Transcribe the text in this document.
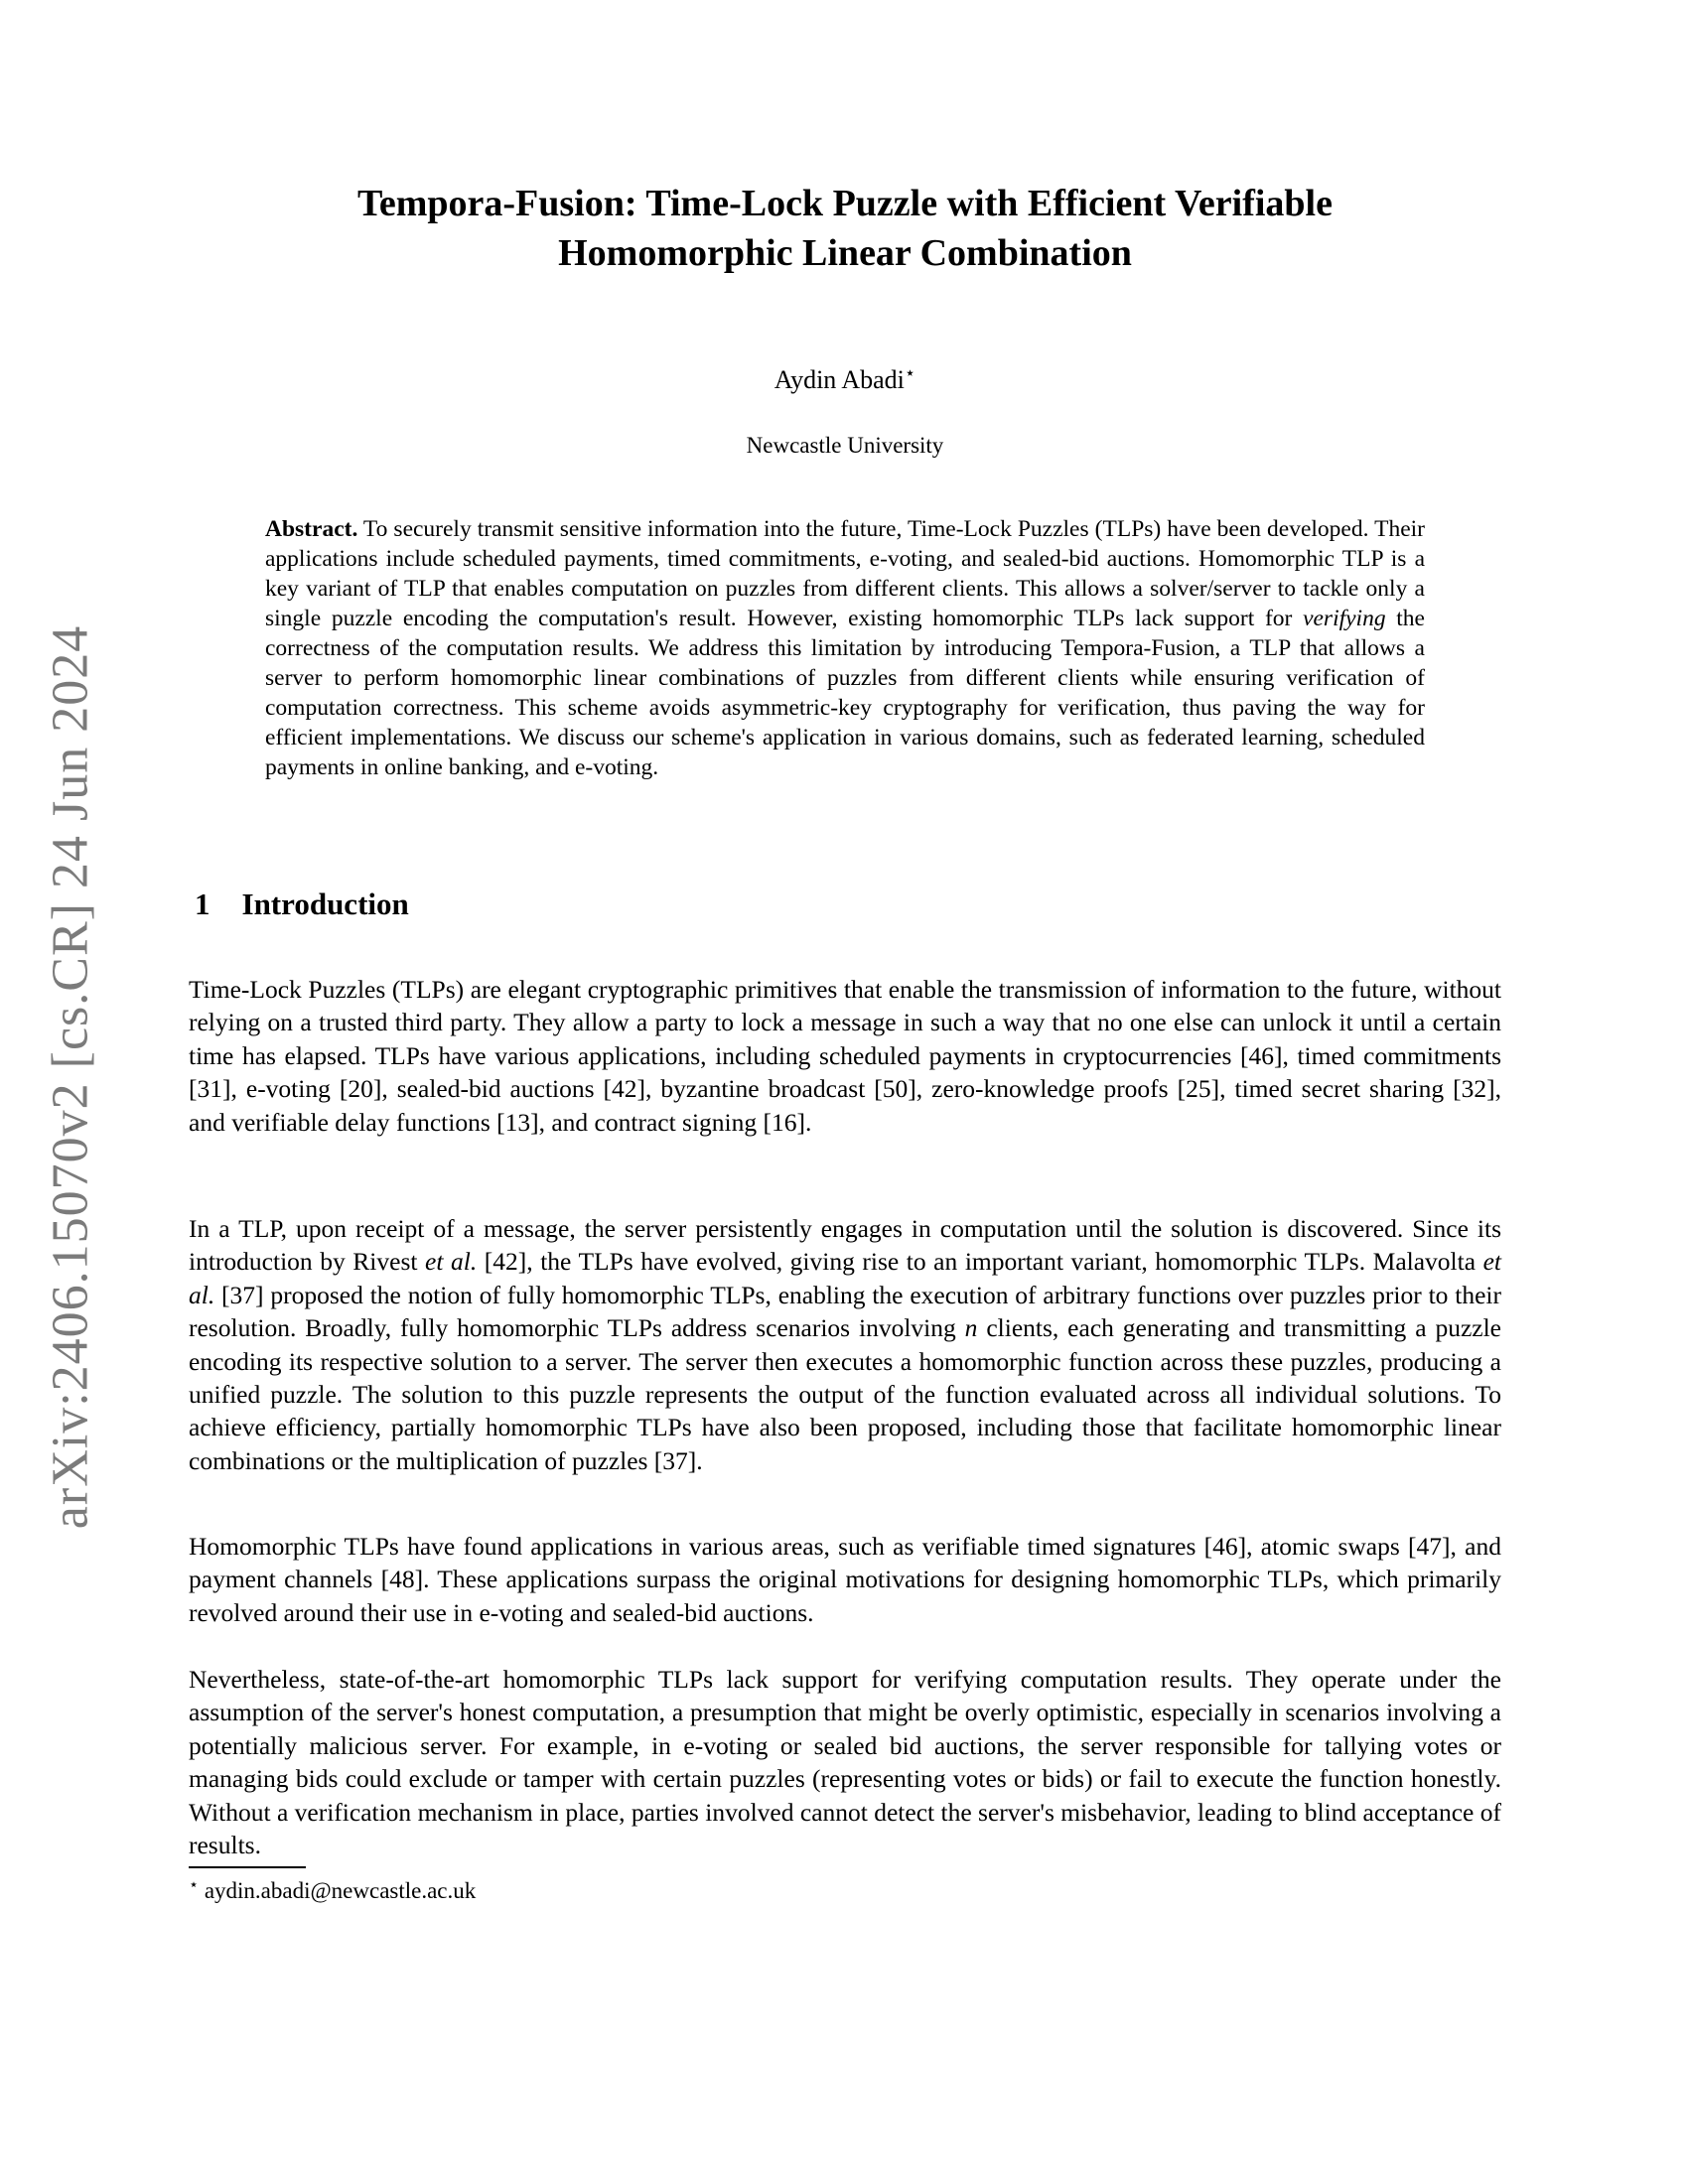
arXiv:2406.15070v2 [cs.CR] 24 Jun 2024
Tempora-Fusion: Time-Lock Puzzle with Efficient Verifiable
Homomorphic Linear Combination
Aydin Abadi⋆
Newcastle University
Abstract. To securely transmit sensitive information into the future, Time-Lock Puzzles (TLPs) have been developed. Their applications include scheduled payments, timed commitments, e-voting, and sealed-bid auctions. Homomorphic TLP is a key variant of TLP that enables computation on puzzles from different clients. This allows a solver/server to tackle only a single puzzle encoding the computation's result. However, existing homomorphic TLPs lack support for verifying the correctness of the computation results. We address this limitation by introducing Tempora-Fusion, a TLP that allows a server to perform homomorphic linear combinations of puzzles from different clients while ensuring verification of computation correctness. This scheme avoids asymmetric-key cryptography for verification, thus paving the way for efficient implementations. We discuss our scheme's application in various domains, such as federated learning, scheduled payments in online banking, and e-voting.
1 Introduction
Time-Lock Puzzles (TLPs) are elegant cryptographic primitives that enable the transmission of information to the future, without relying on a trusted third party. They allow a party to lock a message in such a way that no one else can unlock it until a certain time has elapsed. TLPs have various applications, including scheduled payments in cryptocurrencies [46], timed commitments [31], e-voting [20], sealed-bid auctions [42], byzantine broadcast [50], zero-knowledge proofs [25], timed secret sharing [32], and verifiable delay functions [13], and contract signing [16].
In a TLP, upon receipt of a message, the server persistently engages in computation until the solution is discovered. Since its introduction by Rivest et al. [42], the TLPs have evolved, giving rise to an important variant, homomorphic TLPs. Malavolta et al. [37] proposed the notion of fully homomorphic TLPs, enabling the execution of arbitrary functions over puzzles prior to their resolution. Broadly, fully homomorphic TLPs address scenarios involving n clients, each generating and transmitting a puzzle encoding its respective solution to a server. The server then executes a homomorphic function across these puzzles, producing a unified puzzle. The solution to this puzzle represents the output of the function evaluated across all individual solutions. To achieve efficiency, partially homomorphic TLPs have also been proposed, including those that facilitate homomorphic linear combinations or the multiplication of puzzles [37].
Homomorphic TLPs have found applications in various areas, such as verifiable timed signatures [46], atomic swaps [47], and payment channels [48]. These applications surpass the original motivations for designing homomorphic TLPs, which primarily revolved around their use in e-voting and sealed-bid auctions.
Nevertheless, state-of-the-art homomorphic TLPs lack support for verifying computation results. They operate under the assumption of the server's honest computation, a presumption that might be overly optimistic, especially in scenarios involving a potentially malicious server. For example, in e-voting or sealed bid auctions, the server responsible for tallying votes or managing bids could exclude or tamper with certain puzzles (representing votes or bids) or fail to execute the function honestly. Without a verification mechanism in place, parties involved cannot detect the server's misbehavior, leading to blind acceptance of results.
⋆ aydin.abadi@newcastle.ac.uk
